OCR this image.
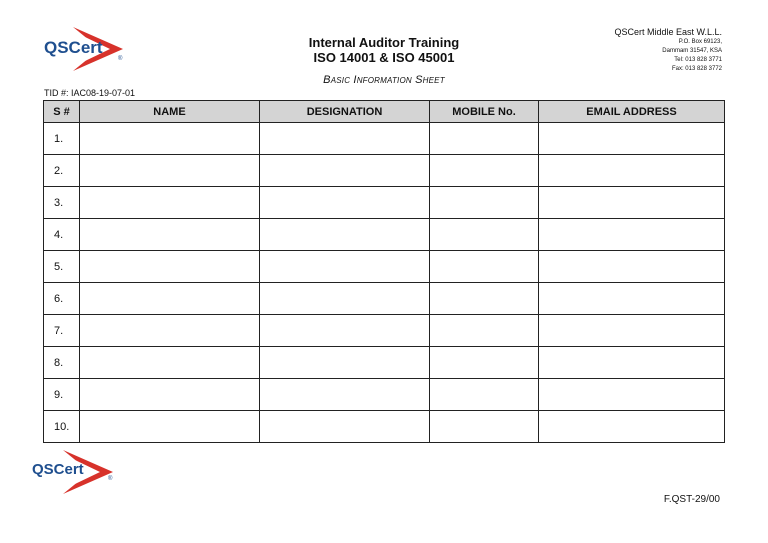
QSCert
®
Internal Auditor Training
ISO 14001 & ISO 45001
Basic Information Sheet
QSCert Middle East W.L.L.
P.O. Box 69123,
Dammam 31547, KSA
Tel: 013 828 3771
Fax: 013 828 3772
TID #: IAC08-19-07-01
S #	NAME	DESIGNATION	MOBILE No.	EMAIL ADDRESS
1.				
2.				
3.				
4.				
5.				
6.				
7.				
8.				
9.				
10.				
QSCert
®
F.QST-29/00
